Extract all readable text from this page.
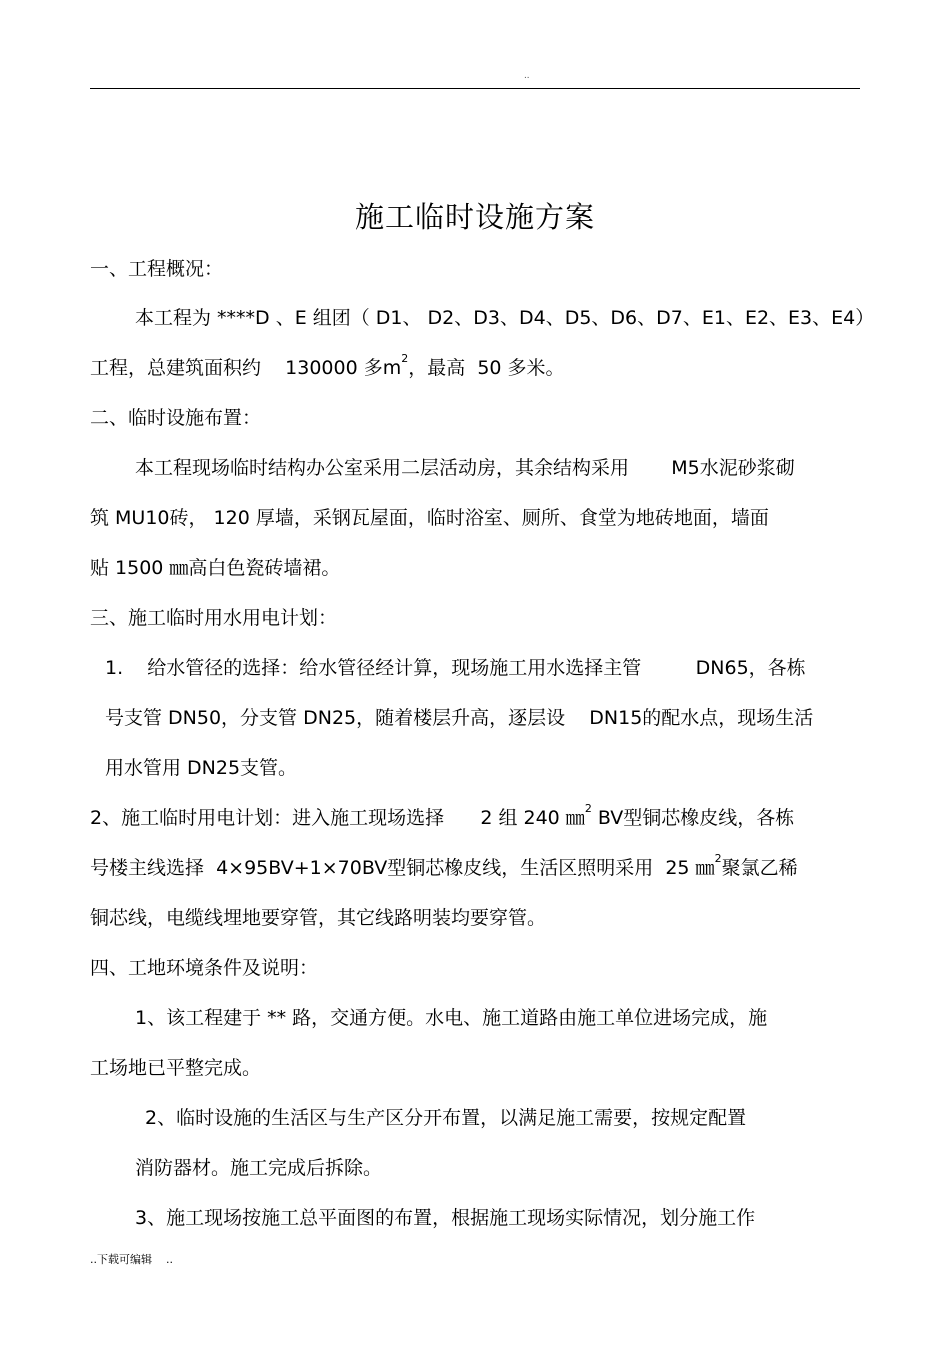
..
施工临时设施方案

一、工程概况：

本工程为 ****D 、E 组团（ D1、 D2、D3、D4、D5、D6、D7、E1、E2、E3、E4）

工程，总建筑面积约    130000 多$m^2$，最高  50 多米。

二、临时设施布置：

本工程现场临时结构办公室采用二层活动房，其余结构采用       M5水泥砂浆砌

筑 MU10砖， 120 厚墙，采钢瓦屋面，临时浴室、厕所、食堂为地砖地面，墙面

贴 1500 ㎜高白色瓷砖墙裙。

三、施工临时用水用电计划：

1.    给水管径的选择：给水管径经计算，现场施工用水选择主管         DN65，各栋

号支管 DN50，分支管 DN25，随着楼层升高，逐层设    DN15的配水点，现场生活

用水管用 DN25支管。

2、施工临时用电计划：进入施工现场选择      2 组 240 ㎜$^2$ BV型铜芯橡皮线，各栋

号楼主线选择  4×95BV+1×70BV型铜芯橡皮线，生活区照明采用  25 ㎜$^2$聚氯乙稀

铜芯线，电缆线埋地要穿管，其它线路明装均要穿管。

四、工地环境条件及说明：

1、该工程建于 ** 路，交通方便。水电、施工道路由施工单位进场完成，施

工场地已平整完成。

2、临时设施的生活区与生产区分开布置，以满足施工需要，按规定配置

消防器材。施工完成后拆除。

3、施工现场按施工总平面图的布置，根据施工现场实际情况，划分施工作

..下载可编辑    ..
